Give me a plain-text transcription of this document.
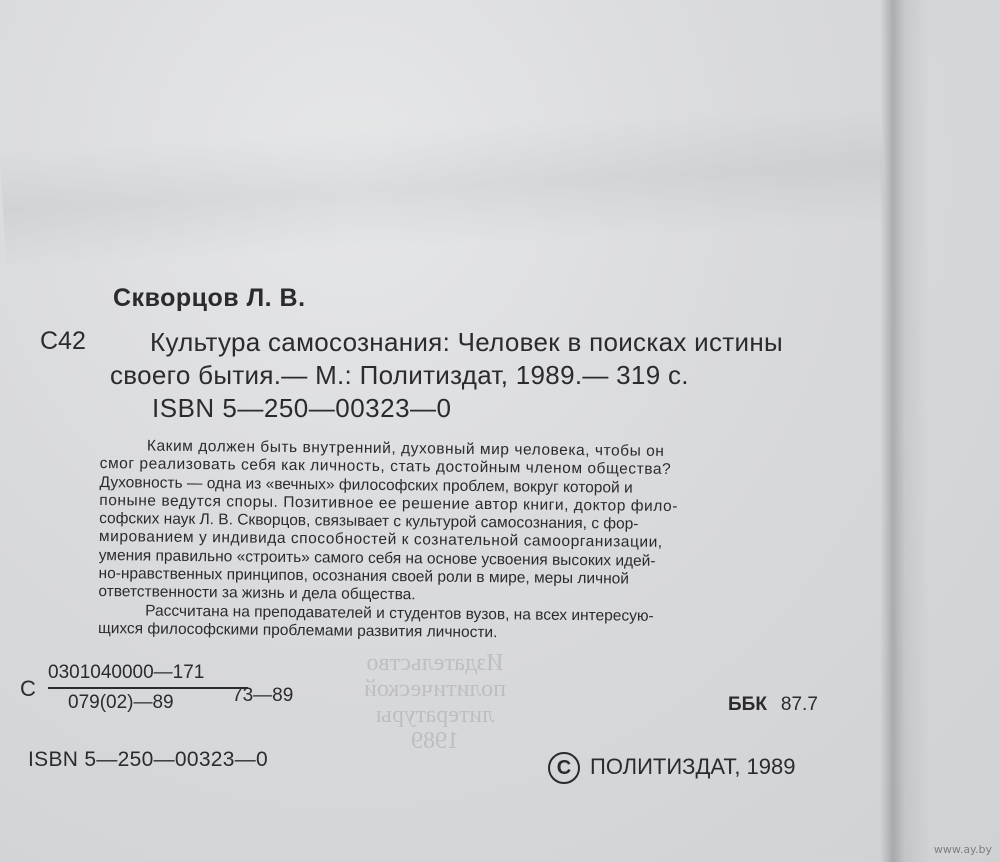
Скворцов Л. В.
С42 Культура самосознания: Человек в поисках истины
своего бытия.— М.: Политиздат, 1989.— 319 с.
ISBN 5—250—00323—0
Каким должен быть внутренний, духовный мир человека, чтобы он
смог реализовать себя как личность, стать достойным членом общества?
Духовность — одна из «вечных» философских проблем, вокруг которой и
поныне ведутся споры. Позитивное ее решение автор книги, доктор фило-
софских наук Л. В. Скворцов, связывает с культурой самосознания, с фор-
мированием у индивида способностей к сознательной самоорганизации,
умения правильно «строить» самого себя на основе усвоения высоких идей-
но-нравственных принципов, осознания своей роли в мире, меры личной
ответственности за жизнь и дела общества.
Рассчитана на преподавателей и студентов вузов, на всех интересую-
щихся философскими проблемами развития личности.
Издательство
политической
литературы
1989
С
0301040000—171
079(02)—89	73—89	ББК 87.7
ISBN 5—250—00323—0	С ПОЛИТИЗДАТ, 1989
www.ay.by
